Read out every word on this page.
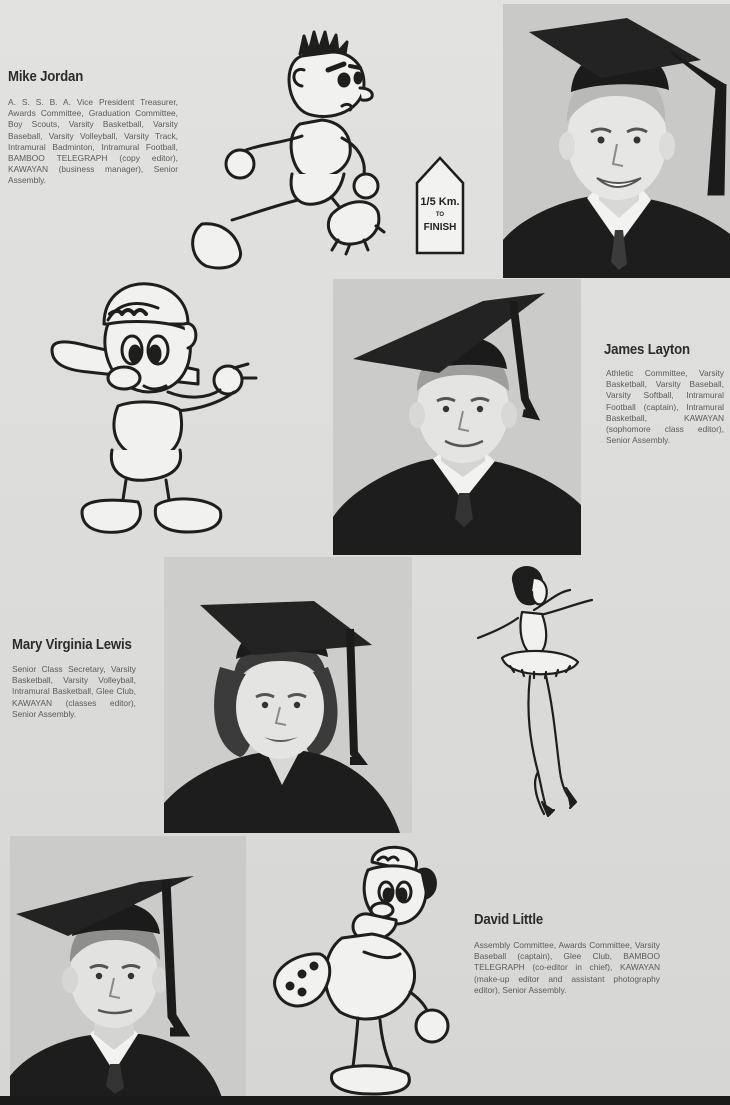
Mike Jordan

A. S. S. B. A. Vice President Treasurer, Awards Committee, Graduation Committee, Boy Scouts, Varsity Basketball, Varsity Baseball, Varsity Volleyball, Varsity Track, Intramural Badminton, Intramural Football, BAMBOO TELEGRAPH (copy editor), KAWAYAN (business manager), Senior Assembly.

1/5 Km.
TO
FINISH
James Layton

Athletic Committee, Varsity Basketball, Varsity Baseball, Varsity Softball, Intramural Football (captain), Intramural Basketball, KAWAYAN (sophomore class editor), Senior Assembly.

Mary Virginia Lewis

Senior Class Secretary, Varsity Basketball, Varsity Volleyball, Intramural Basketball, Glee Club, KAWAYAN (classes editor), Senior Assembly.

David Little

Assembly Committee, Awards Committee, Varsity Baseball (captain), Glee Club, BAMBOO TELEGRAPH (co-editor in chief), KAWAYAN (make-up editor and assistant photography editor), Senior Assembly.
